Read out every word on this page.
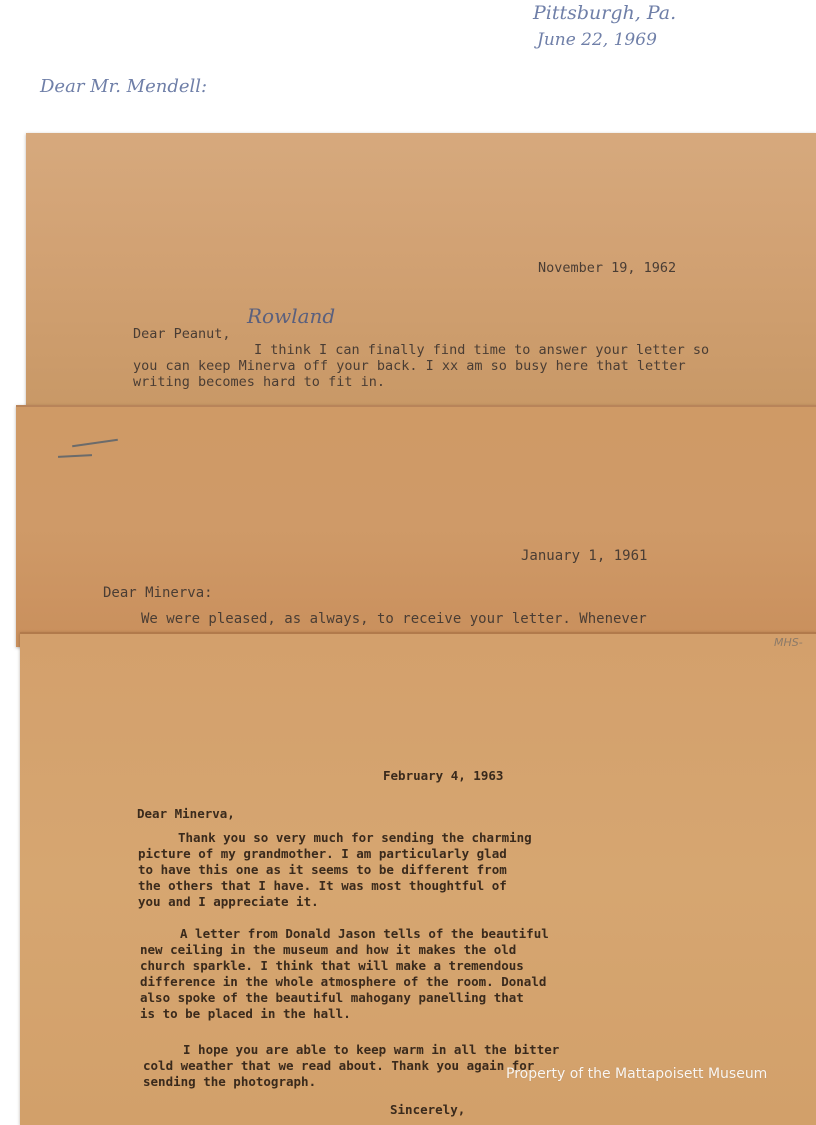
Pittsburgh, Pa.
June 22, 1969
Dear Mr. Mendell:
November 19, 1962
Dear Peanut,
Rowland
I think I can finally find time to answer your letter so
you can keep Minerva off your back. I xx am so busy here that letter
writing becomes hard to fit in.
January 1, 1961
Dear Minerva:
We were pleased, as always, to receive your letter. Whenever
MHS-
February 4, 1963
Dear Minerva,
Thank you so very much for sending the charming
picture of my grandmother. I am particularly glad
to have this one as it seems to be different from
the others that I have. It was most thoughtful of
you and I appreciate it.
A letter from Donald Jason tells of the beautiful
new ceiling in the museum and how it makes the old
church sparkle. I think that will make a tremendous
difference in the whole atmosphere of the room. Donald
also spoke of the beautiful mahogany panelling that
is to be placed in the hall.
I hope you are able to keep warm in all the bitter
cold weather that we read about. Thank you again for
sending the photograph.
Sincerely,
Property of the Mattapoisett Museum
